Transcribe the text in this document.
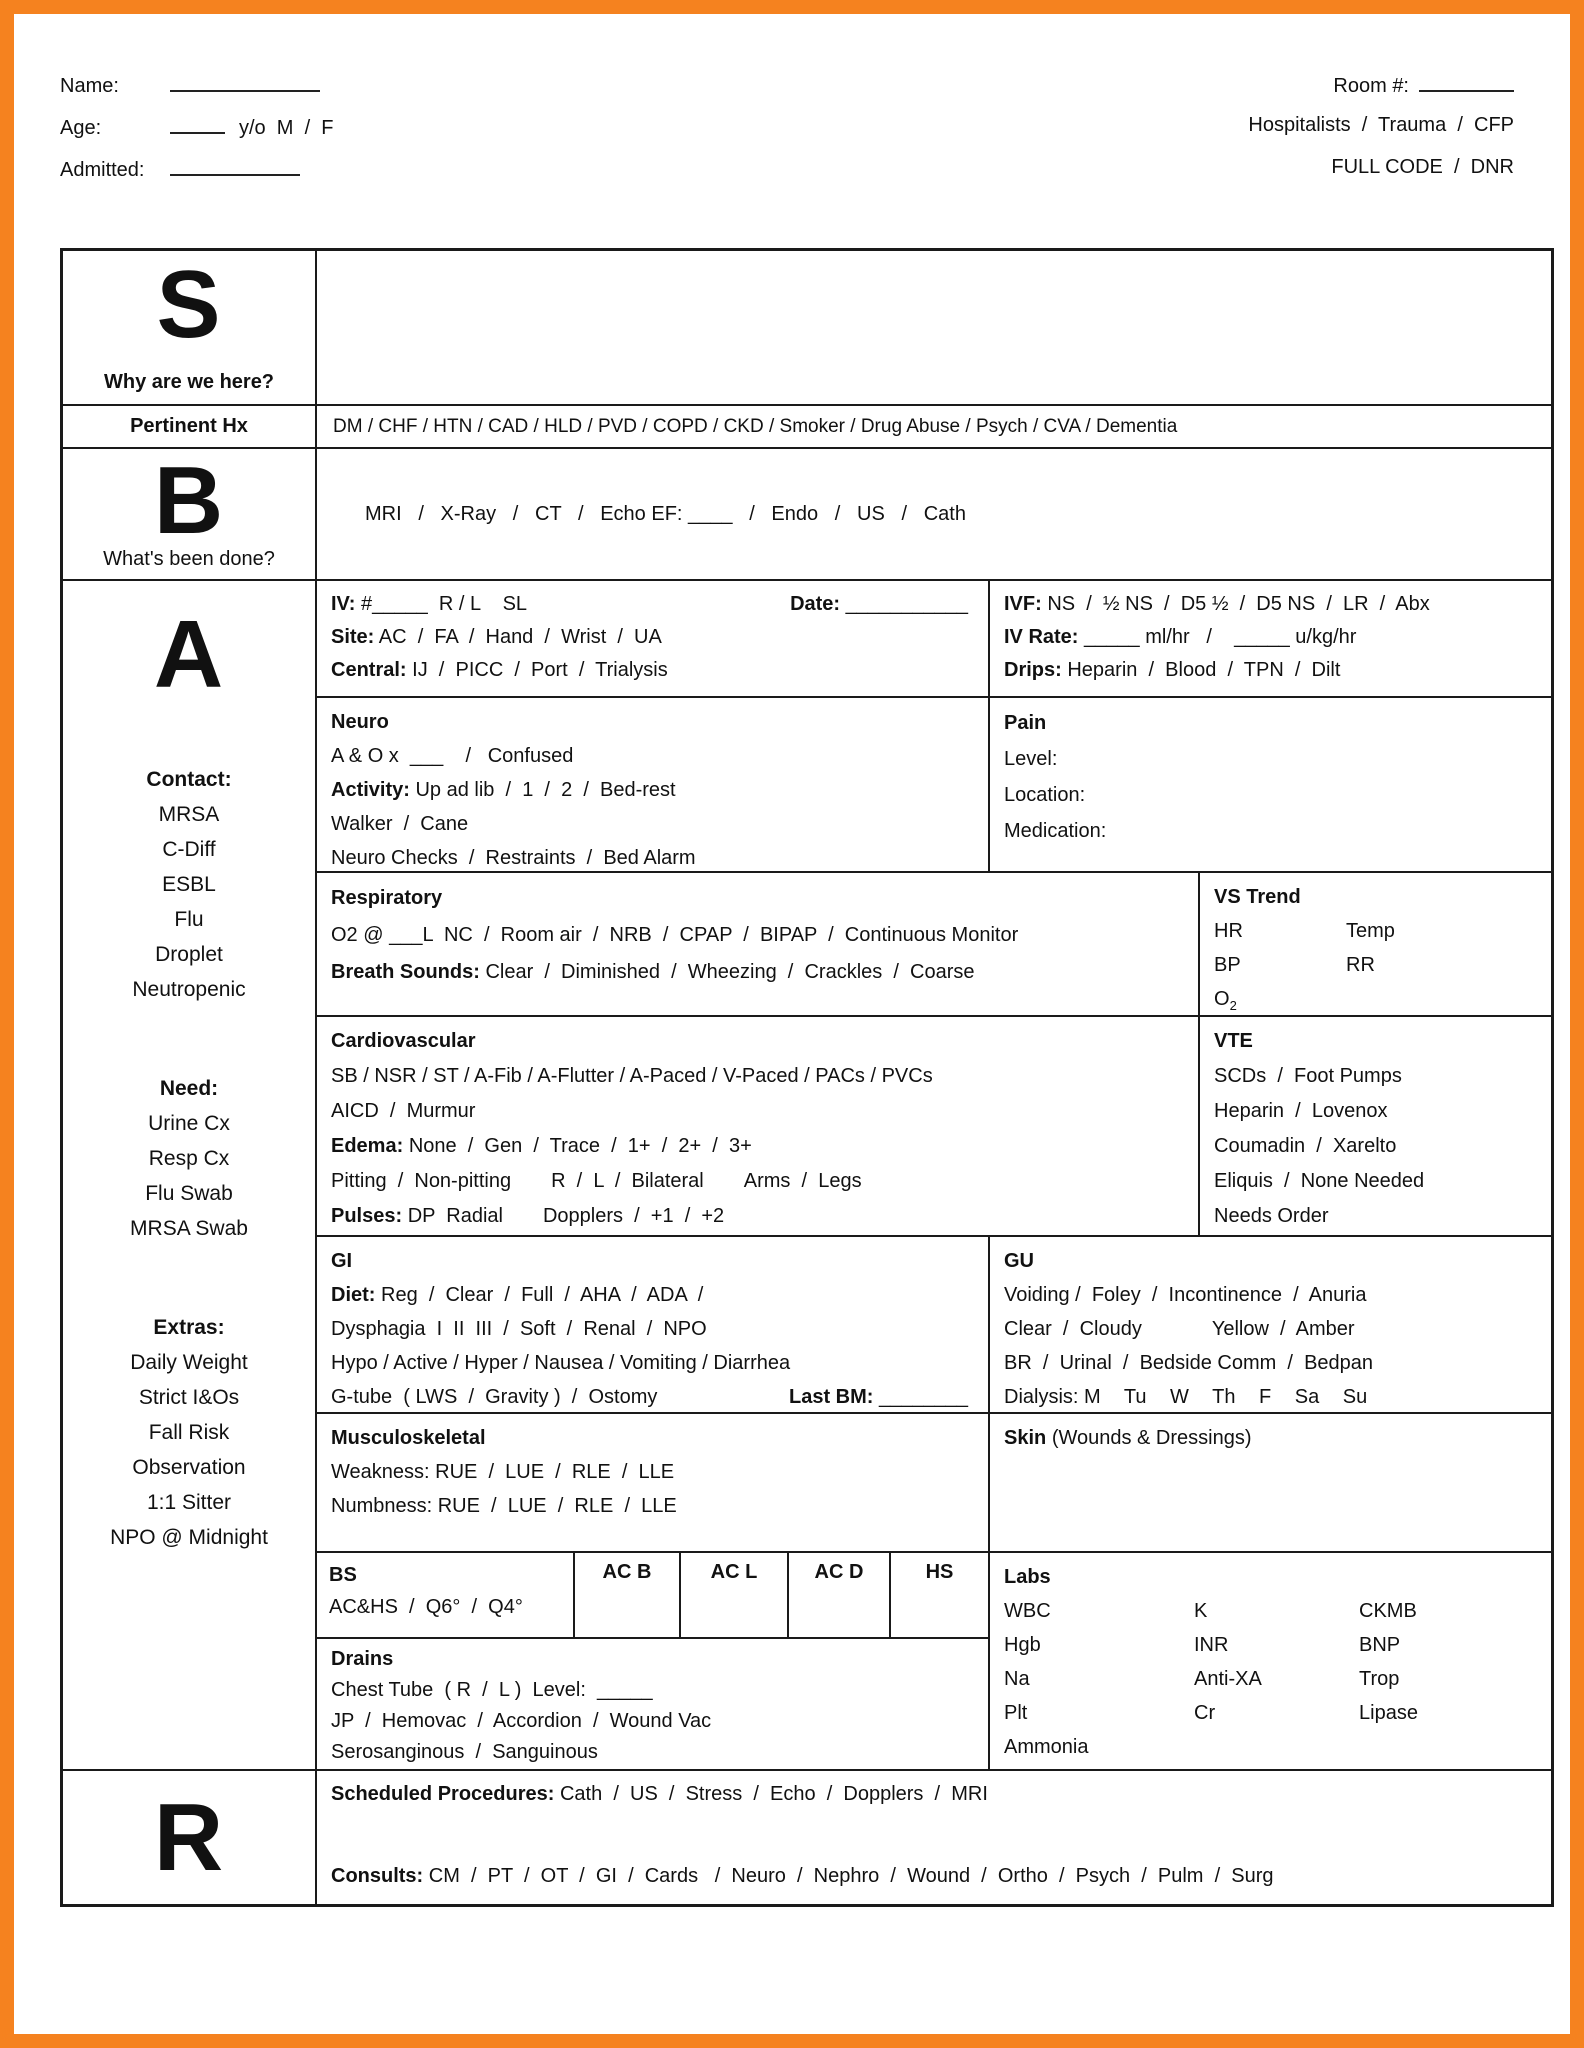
Name:
Age:	y/o  M  /  F
Admitted:
Room #:
Hospitalists  /  Trauma  /  CFP
FULL CODE  /  DNR
S
Why are we here?
Pertinent Hx	DM / CHF / HTN / CAD / HLD / PVD / COPD / CKD / Smoker / Drug Abuse / Psych / CVA / Dementia
B
What's been done?
MRI   /   X-Ray   /   CT   /   Echo EF: ____   /   Endo   /   US   /   Cath
A
Contact:
MRSA
C-Diff
ESBL
Flu
Droplet
Neutropenic
Need:
Urine Cx
Resp Cx
Flu Swab
MRSA Swab
Extras:
Daily Weight
Strict I&Os
Fall Risk
Observation
1:1 Sitter
NPO @ Midnight
IV: #_____  R / L    SL	Date: ___________
Site: AC  /  FA  /  Hand  /  Wrist  /  UA
Central: IJ  /  PICC  /  Port  /  Trialysis
IVF: NS  /  ½ NS  /  D5 ½  /  D5 NS  /  LR  /  Abx
IV Rate: _____ ml/hr   /    _____ u/kg/hr
Drips: Heparin  /  Blood  /  TPN  /  Dilt
Neuro
A & O x  ___    /   Confused
Activity: Up ad lib  /  1  /  2  /  Bed-rest
Walker  /  Cane
Neuro Checks  /  Restraints  /  Bed Alarm
Pain
Level:
Location:
Medication:
Respiratory
O2 @ ___L  NC  /  Room air  /  NRB  /  CPAP  /  BIPAP  /  Continuous Monitor
Breath Sounds: Clear  /  Diminished  /  Wheezing  /  Crackles  /  Coarse
VS Trend
HR	Temp
BP	RR
$O_2$
Cardiovascular
SB / NSR / ST / A-Fib / A-Flutter / A-Paced / V-Paced / PACs / PVCs
AICD  /  Murmur
Edema: None  /  Gen  /  Trace  /  1+  /  2+  /  3+
Pitting  /  Non-pitting R  /  L  /  Bilateral Arms  /  Legs
Pulses: DP  Radial Dopplers  /  +1  /  +2
VTE
SCDs  /  Foot Pumps
Heparin  /  Lovenox
Coumadin  /  Xarelto
Eliquis  /  None Needed
Needs Order
GI
Diet: Reg  /  Clear  /  Full  /  AHA  /  ADA  /
Dysphagia  I  II  III  /  Soft  /  Renal  /  NPO
Hypo / Active / Hyper / Nausea / Vomiting / Diarrhea
G-tube  ( LWS  /  Gravity )  /  Ostomy	Last BM: ________
GU
Voiding /  Foley  /  Incontinence  /  Anuria
Clear  /  Cloudy	Yellow  /  Amber
BR  /  Urinal  /  Bedside Comm  /  Bedpan
Dialysis: M Tu W Th F Sa Su
Musculoskeletal
Weakness: RUE  /  LUE  /  RLE  /  LLE
Numbness: RUE  /  LUE  /  RLE  /  LLE
Skin (Wounds & Dressings)
BS
AC&HS  /  Q6°  /  Q4°
AC B	AC L	AC D	HS
Drains
Chest Tube  ( R  /  L )  Level:  _____
JP  /  Hemovac  /  Accordion  /  Wound Vac
Serosanginous  /  Sanguinous
Labs
WBC	K	CKMB
Hgb	INR	BNP
Na	Anti-XA	Trop
Plt	Cr	Lipase
Ammonia
R	Scheduled Procedures: Cath  /  US  /  Stress  /  Echo  /  Dopplers  /  MRI
Consults: CM  /  PT  /  OT  /  GI  /  Cards   /  Neuro  /  Nephro  /  Wound  /  Ortho  /  Psych  /  Pulm  /  Surg
